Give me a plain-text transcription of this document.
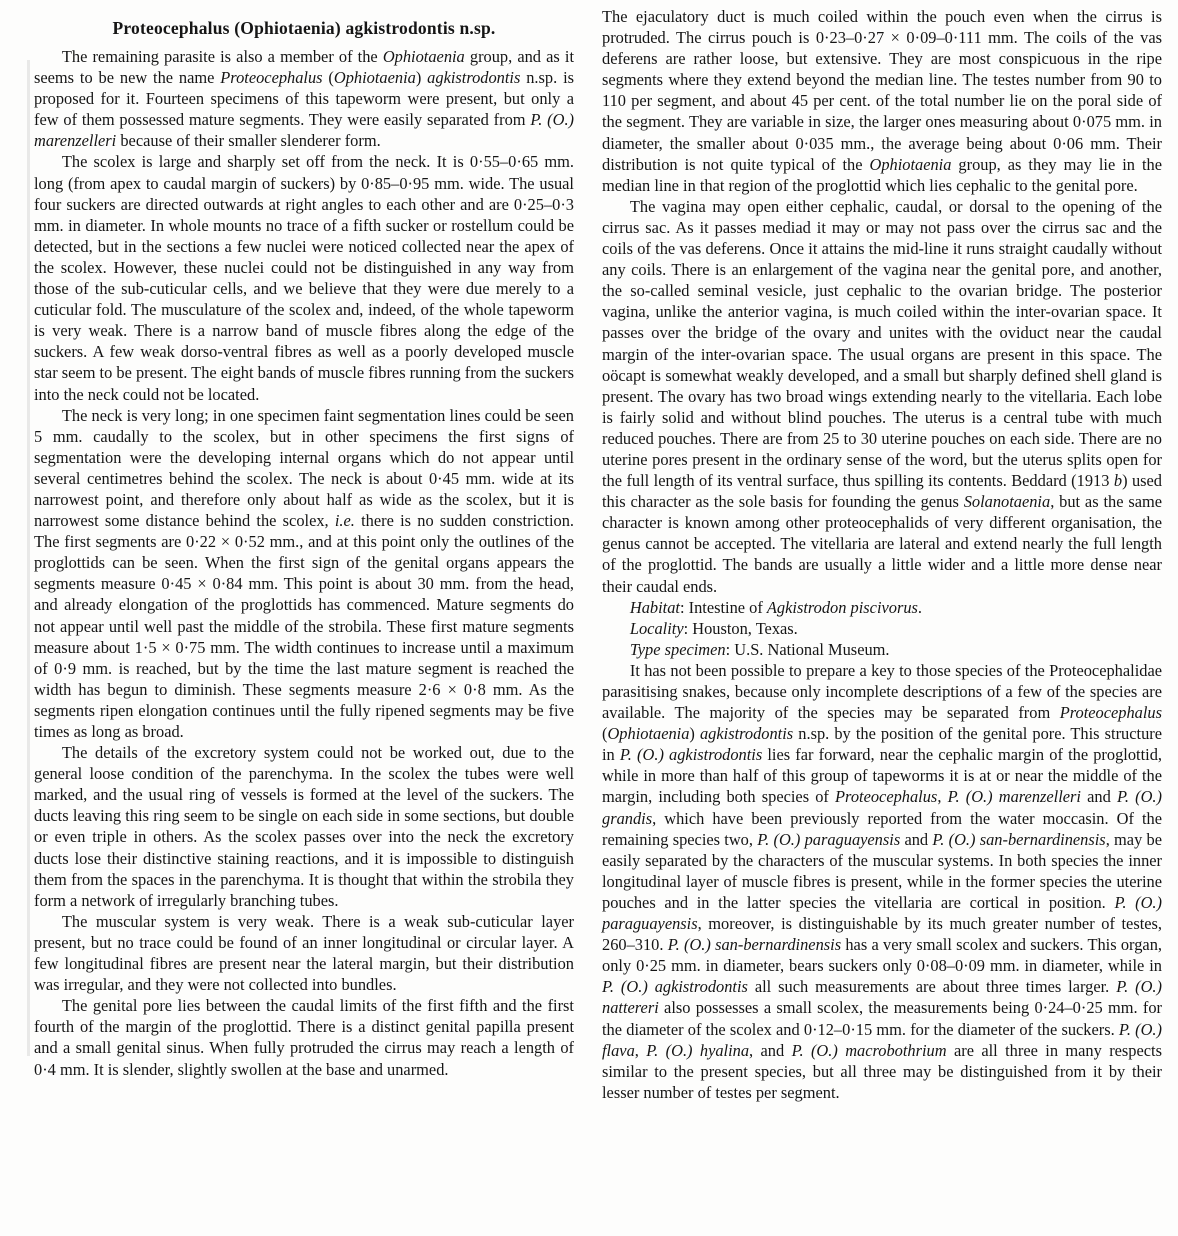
Proteocephalus (Ophiotaenia) agkistrodontis n.sp.

The remaining parasite is also a member of the Ophiotaenia group, and as it seems to be new the name Proteocephalus (Ophiotaenia) agkistrodontis n.sp. is proposed for it. Fourteen specimens of this tapeworm were present, but only a few of them possessed mature segments. They were easily separated from P. (O.) marenzelleri because of their smaller slenderer form.

The scolex is large and sharply set off from the neck. It is 0·55–0·65 mm. long (from apex to caudal margin of suckers) by 0·85–0·95 mm. wide. The usual four suckers are directed outwards at right angles to each other and are 0·25–0·3 mm. in diameter. In whole mounts no trace of a fifth sucker or rostellum could be detected, but in the sections a few nuclei were noticed collected near the apex of the scolex. However, these nuclei could not be distinguished in any way from those of the sub-cuticular cells, and we believe that they were due merely to a cuticular fold. The musculature of the scolex and, indeed, of the whole tapeworm is very weak. There is a narrow band of muscle fibres along the edge of the suckers. A few weak dorso-ventral fibres as well as a poorly developed muscle star seem to be present. The eight bands of muscle fibres running from the suckers into the neck could not be located.

The neck is very long; in one specimen faint segmentation lines could be seen 5 mm. caudally to the scolex, but in other specimens the first signs of segmentation were the developing internal organs which do not appear until several centimetres behind the scolex. The neck is about 0·45 mm. wide at its narrowest point, and therefore only about half as wide as the scolex, but it is narrowest some distance behind the scolex, i.e. there is no sudden constriction. The first segments are 0·22 × 0·52 mm., and at this point only the outlines of the proglottids can be seen. When the first sign of the genital organs appears the segments measure 0·45 × 0·84 mm. This point is about 30 mm. from the head, and already elongation of the proglottids has commenced. Mature segments do not appear until well past the middle of the strobila. These first mature segments measure about 1·5 × 0·75 mm. The width continues to increase until a maximum of 0·9 mm. is reached, but by the time the last mature segment is reached the width has begun to diminish. These segments measure 2·6 × 0·8 mm. As the segments ripen elongation continues until the fully ripened segments may be five times as long as broad.

The details of the excretory system could not be worked out, due to the general loose condition of the parenchyma. In the scolex the tubes were well marked, and the usual ring of vessels is formed at the level of the suckers. The ducts leaving this ring seem to be single on each side in some sections, but double or even triple in others. As the scolex passes over into the neck the excretory ducts lose their distinctive staining reactions, and it is impossible to distinguish them from the spaces in the parenchyma. It is thought that within the strobila they form a network of irregularly branching tubes.

The muscular system is very weak. There is a weak sub-cuticular layer present, but no trace could be found of an inner longitudinal or circular layer. A few longitudinal fibres are present near the lateral margin, but their distribution was irregular, and they were not collected into bundles.

The genital pore lies between the caudal limits of the first fifth and the first fourth of the margin of the proglottid. There is a distinct genital papilla present and a small genital sinus. When fully protruded the cirrus may reach a length of 0·4 mm. It is slender, slightly swollen at the base and unarmed.

The ejaculatory duct is much coiled within the pouch even when the cirrus is protruded. The cirrus pouch is 0·23–0·27 × 0·09–0·111 mm. The coils of the vas deferens are rather loose, but extensive. They are most conspicuous in the ripe segments where they extend beyond the median line. The testes number from 90 to 110 per segment, and about 45 per cent. of the total number lie on the poral side of the segment. They are variable in size, the larger ones measuring about 0·075 mm. in diameter, the smaller about 0·035 mm., the average being about 0·06 mm. Their distribution is not quite typical of the Ophiotaenia group, as they may lie in the median line in that region of the proglottid which lies cephalic to the genital pore.

The vagina may open either cephalic, caudal, or dorsal to the opening of the cirrus sac. As it passes mediad it may or may not pass over the cirrus sac and the coils of the vas deferens. Once it attains the mid-line it runs straight caudally without any coils. There is an enlargement of the vagina near the genital pore, and another, the so-called seminal vesicle, just cephalic to the ovarian bridge. The posterior vagina, unlike the anterior vagina, is much coiled within the inter-ovarian space. It passes over the bridge of the ovary and unites with the oviduct near the caudal margin of the inter-ovarian space. The usual organs are present in this space. The oöcapt is somewhat weakly developed, and a small but sharply defined shell gland is present. The ovary has two broad wings extending nearly to the vitellaria. Each lobe is fairly solid and without blind pouches. The uterus is a central tube with much reduced pouches. There are from 25 to 30 uterine pouches on each side. There are no uterine pores present in the ordinary sense of the word, but the uterus splits open for the full length of its ventral surface, thus spilling its contents. Beddard (1913 b) used this character as the sole basis for founding the genus Solanotaenia, but as the same character is known among other proteocephalids of very different organisation, the genus cannot be accepted. The vitellaria are lateral and extend nearly the full length of the proglottid. The bands are usually a little wider and a little more dense near their caudal ends.

Habitat: Intestine of Agkistrodon piscivorus.

Locality: Houston, Texas.

Type specimen: U.S. National Museum.

It has not been possible to prepare a key to those species of the Proteocephalidae parasitising snakes, because only incomplete descriptions of a few of the species are available. The majority of the species may be separated from Proteocephalus (Ophiotaenia) agkistrodontis n.sp. by the position of the genital pore. This structure in P. (O.) agkistrodontis lies far forward, near the cephalic margin of the proglottid, while in more than half of this group of tapeworms it is at or near the middle of the margin, including both species of Proteocephalus, P. (O.) marenzelleri and P. (O.) grandis, which have been previously reported from the water moccasin. Of the remaining species two, P. (O.) paraguayensis and P. (O.) san-bernardinensis, may be easily separated by the characters of the muscular systems. In both species the inner longitudinal layer of muscle fibres is present, while in the former species the uterine pouches and in the latter species the vitellaria are cortical in position. P. (O.) paraguayensis, moreover, is distinguishable by its much greater number of testes, 260–310. P. (O.) san-bernardinensis has a very small scolex and suckers. This organ, only 0·25 mm. in diameter, bears suckers only 0·08–0·09 mm. in diameter, while in P. (O.) agkistrodontis all such measurements are about three times larger. P. (O.) nattereri also possesses a small scolex, the measurements being 0·24–0·25 mm. for the diameter of the scolex and 0·12–0·15 mm. for the diameter of the suckers. P. (O.) flava, P. (O.) hyalina, and P. (O.) macrobothrium are all three in many respects similar to the present species, but all three may be distinguished from it by their lesser number of testes per segment.
